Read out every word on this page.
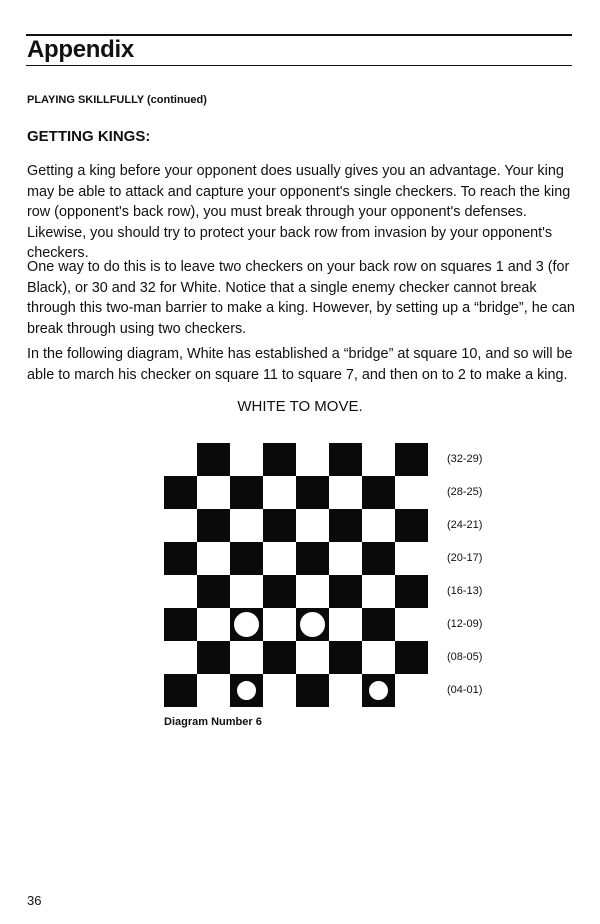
Appendix
PLAYING SKILLFULLY (continued)
GETTING KINGS:

Getting a king before your opponent does usually gives you an advantage. Your king may be able to attack and capture your opponent's single checkers. To reach the king row (opponent's back row), you must break through your opponent's defenses. Likewise, you should try to protect your back row from invasion by your opponent's checkers.

One way to do this is to leave two checkers on your back row on squares 1 and 3 (for Black), or 30 and 32 for White. Notice that a single enemy checker cannot break through this two-man barrier to make a king. However, by setting up a “bridge”, he can break through using two checkers.

In the following diagram, White has established a “bridge” at square 10, and so will be able to march his checker on square 11 to square 7, and then on to 2 to make a king.

WHITE TO MOVE.
(32-29)
(28-25)
(24-21)
(20-17)
(16-13)
(12-09)
(08-05)
(04-01)
Diagram Number 6
36
